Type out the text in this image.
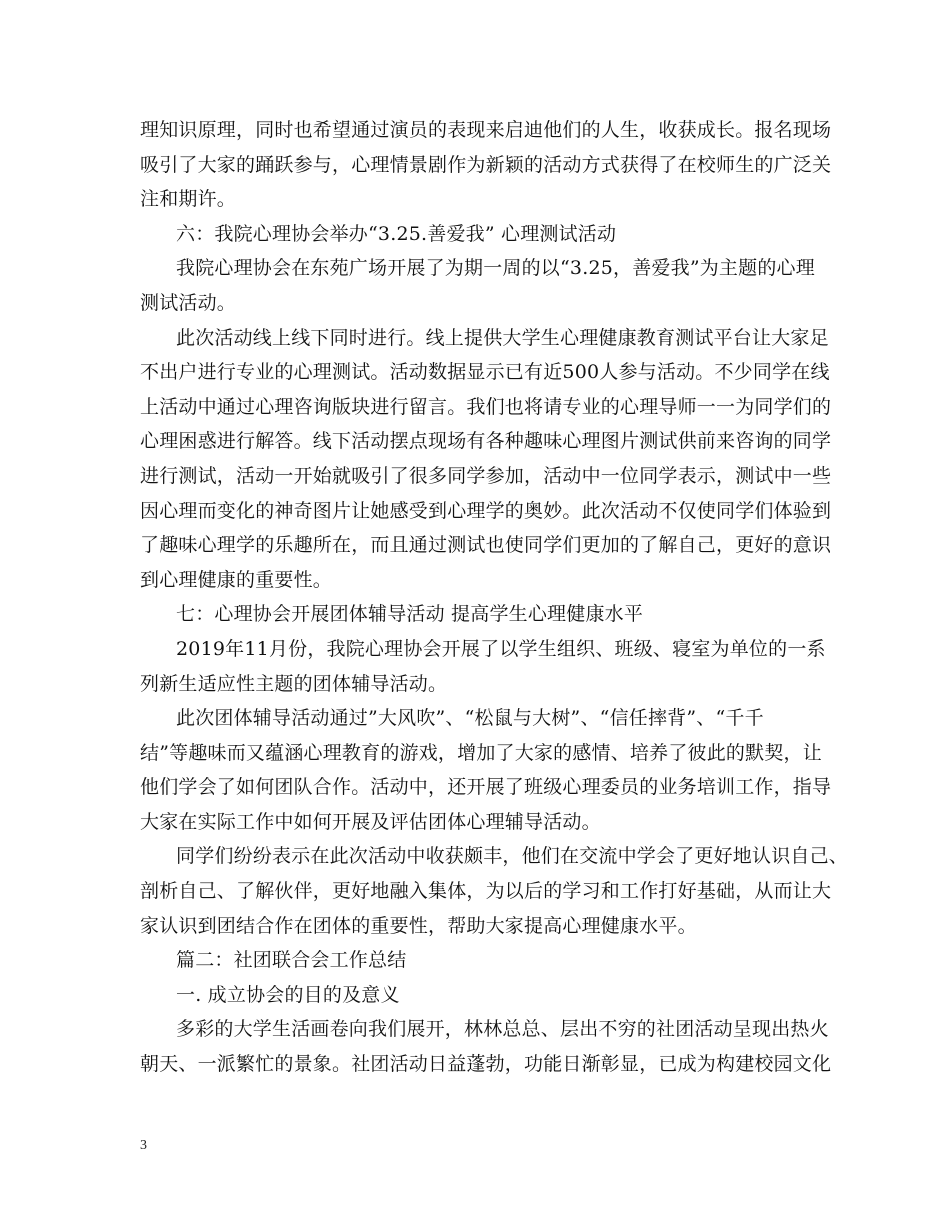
理知识原理，同时也希望通过演员的表现来启迪他们的人生，收获成长。报名现场
吸引了大家的踊跃参与，心理情景剧作为新颖的活动方式获得了在校师生的广泛关
注和期许。
六：我院心理协会举办“3.25.善爱我” 心理测试活动
我院心理协会在东苑广场开展了为期一周的以“3.25，善爱我”为主题的心理
测试活动。
此次活动线上线下同时进行。线上提供大学生心理健康教育测试平台让大家足
不出户进行专业的心理测试。活动数据显示已有近500人参与活动。不少同学在线
上活动中通过心理咨询版块进行留言。我们也将请专业的心理导师一一为同学们的
心理困惑进行解答。线下活动摆点现场有各种趣味心理图片测试供前来咨询的同学
进行测试，活动一开始就吸引了很多同学参加，活动中一位同学表示，测试中一些
因心理而变化的神奇图片让她感受到心理学的奥妙。此次活动不仅使同学们体验到
了趣味心理学的乐趣所在，而且通过测试也使同学们更加的了解自己，更好的意识
到心理健康的重要性。
七：心理协会开展团体辅导活动 提高学生心理健康水平
2019年11月份，我院心理协会开展了以学生组织、班级、寝室为单位的一系
列新生适应性主题的团体辅导活动。
此次团体辅导活动通过”大风吹”、“松鼠与大树”、“信任摔背”、“千千
结”等趣味而又蕴涵心理教育的游戏，增加了大家的感情、培养了彼此的默契，让
他们学会了如何团队合作。活动中，还开展了班级心理委员的业务培训工作，指导
大家在实际工作中如何开展及评估团体心理辅导活动。
同学们纷纷表示在此次活动中收获颇丰，他们在交流中学会了更好地认识自己、
剖析自己、了解伙伴，更好地融入集体，为以后的学习和工作打好基础，从而让大
家认识到团结合作在团体的重要性，帮助大家提高心理健康水平。
篇二：社团联合会工作总结
一. 成立协会的目的及意义
多彩的大学生活画卷向我们展开，林林总总、层出不穷的社团活动呈现出热火
朝天、一派繁忙的景象。社团活动日益蓬勃，功能日渐彰显，已成为构建校园文化
3
